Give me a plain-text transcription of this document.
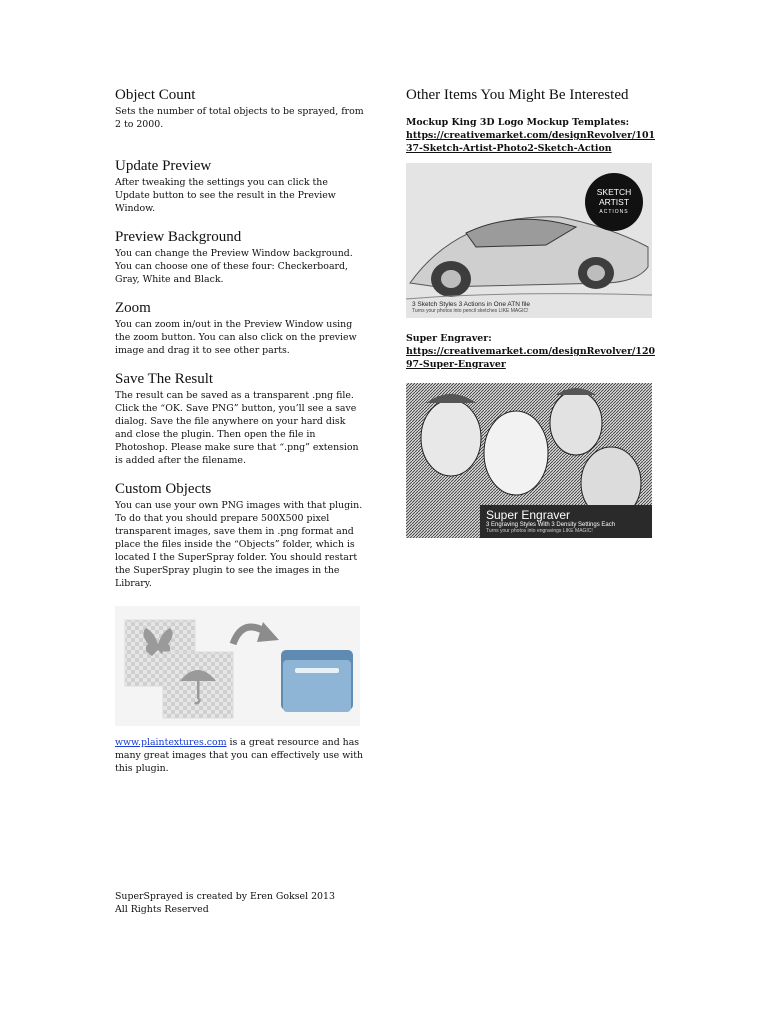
Object Count

Sets the number of total objects to be sprayed, from 2 to 2000.

Update Preview

After tweaking the settings you can click the Update button to see the result in the Preview Window.

Preview Background

You can change the Preview Window background. You can choose one of these four: Checkerboard, Gray, White and Black.

Zoom

You can zoom in/out in the Preview Window using the zoom button. You can also click on the preview image and drag it to see other parts.

Save The Result

The result can be saved as a transparent .png file. Click the “OK. Save PNG” button, you’ll see a save dialog. Save the file anywhere on your hard disk and close the plugin. Then open the file in Photoshop. Please make sure that “.png” extension is added after the filename.

Custom Objects

You can use your own PNG images with that plugin. To do that you should prepare 500X500 pixel transparent images, save them in .png format and place the files inside the “Objects” folder, which is located I the SuperSpray folder. You should restart the SuperSpray plugin to see the images in the Library.

www.plaintextures.com is a great resource and has many great images that you can effectively use with this plugin.

Other Items You Might Be Interested
Mockup King 3D Logo Mockup Templates:
https://creativemarket.com/designRevolver/10137-Sketch-Artist-Photo2-Sketch-Action
SKETCH
ARTIST
ACTIONS
3 Sketch Styles 3 Actions in One ATN file
Turns your photos into pencil sketches LIKE MAGIC!
Super Engraver:
https://creativemarket.com/designRevolver/12097-Super-Engraver
Super Engraver
3 Engraving Styles With 3 Density Settings Each
Turns your photos into engravings LIKE MAGIC!
SuperSprayed is created by Eren Goksel 2013
All Rights Reserved
